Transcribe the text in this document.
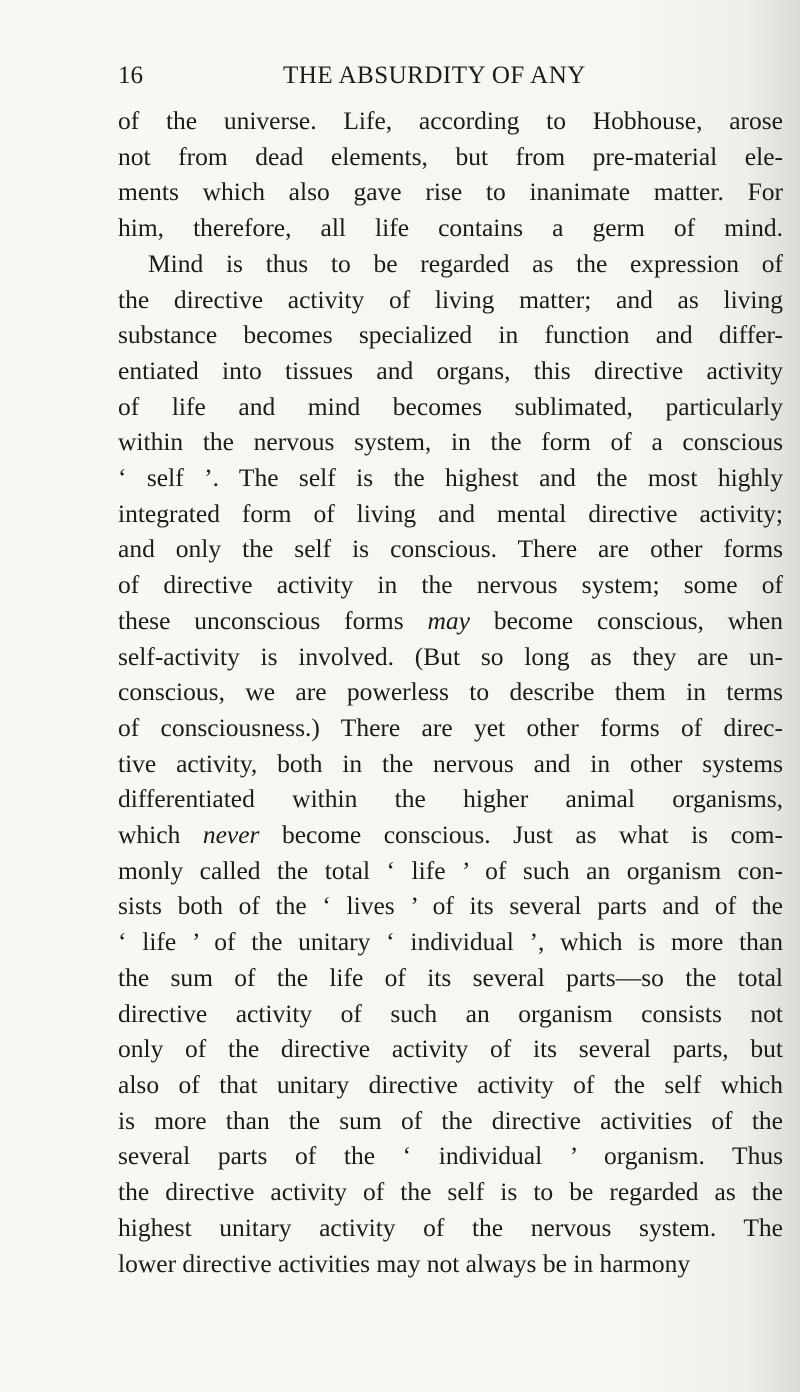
16	THE ABSURDITY OF ANY
of the universe. Life, according to Hobhouse, arose
not from dead elements, but from pre-material ele-
ments which also gave rise to inanimate matter. For
him, therefore, all life contains a germ of mind.
Mind is thus to be regarded as the expression of
the directive activity of living matter; and as living
substance becomes specialized in function and differ-
entiated into tissues and organs, this directive activity
of life and mind becomes sublimated, particularly
within the nervous system, in the form of a conscious
‘ self ’. The self is the highest and the most highly
integrated form of living and mental directive activity;
and only the self is conscious. There are other forms
of directive activity in the nervous system; some of
these unconscious forms may become conscious, when
self-activity is involved. (But so long as they are un-
conscious, we are powerless to describe them in terms
of consciousness.) There are yet other forms of direc-
tive activity, both in the nervous and in other systems
differentiated within the higher animal organisms,
which never become conscious. Just as what is com-
monly called the total ‘ life ’ of such an organism con-
sists both of the ‘ lives ’ of its several parts and of the
‘ life ’ of the unitary ‘ individual ’, which is more than
the sum of the life of its several parts—so the total
directive activity of such an organism consists not
only of the directive activity of its several parts, but
also of that unitary directive activity of the self which
is more than the sum of the directive activities of the
several parts of the ‘ individual ’ organism. Thus
the directive activity of the self is to be regarded as the
highest unitary activity of the nervous system. The
lower directive activities may not always be in harmony
